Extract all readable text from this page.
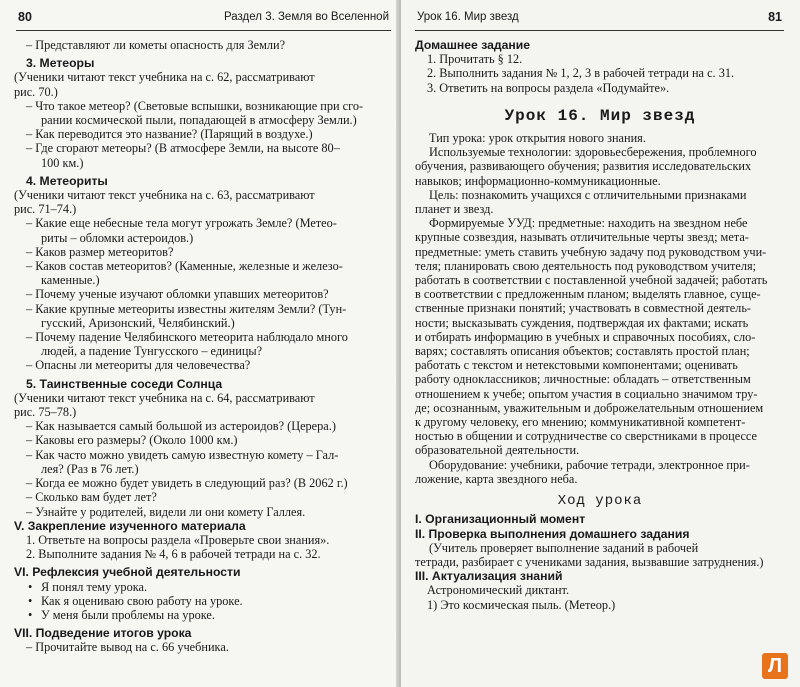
80	Раздел 3. Земля во Вселенной
– Представляют ли кометы опасность для Земли?
3. Метеоры
(Ученики читают текст учебника на с. 62, рассматривают
рис. 70.)
– Что такое метеор? (Световые вспышки, возникающие при сго-
рании космической пыли, попадающей в атмосферу Земли.)
– Как переводится это название? (Парящий в воздухе.)
– Где сгорают метеоры? (В атмосфере Земли, на высоте 80–
100 км.)
4. Метеориты
(Ученики читают текст учебника на с. 63, рассматривают
рис. 71–74.)
– Какие еще небесные тела могут угрожать Земле? (Метео-
риты – обломки астероидов.)
– Каков размер метеоритов?
– Каков состав метеоритов? (Каменные, железные и железо-
каменные.)
– Почему ученые изучают обломки упавших метеоритов?
– Какие крупные метеориты известны жителям Земли? (Тун-
гусский, Аризонский, Челябинский.)
– Почему падение Челябинского метеорита наблюдало много
людей, а падение Тунгусского – единицы?
– Опасны ли метеориты для человечества?
5. Таинственные соседи Солнца
(Ученики читают текст учебника на с. 64, рассматривают
рис. 75–78.)
– Как называется самый большой из астероидов? (Церера.)
– Каковы его размеры? (Около 1000 км.)
– Как часто можно увидеть самую известную комету – Гал-
лея? (Раз в 76 лет.)
– Когда ее можно будет увидеть в следующий раз? (В 2062 г.)
– Сколько вам будет лет?
– Узнайте у родителей, видели ли они комету Галлея.
V. Закрепление изученного материала
1. Ответьте на вопросы раздела «Проверьте свои знания».
2. Выполните задания № 4, 6 в рабочей тетради на с. 32.
VI. Рефлексия учебной деятельности
• Я понял тему урока.
• Как я оцениваю свою работу на уроке.
• У меня были проблемы на уроке.
VII. Подведение итогов урока
– Прочитайте вывод на с. 66 учебника.
Урок 16. Мир звезд	81
Домашнее задание
1. Прочитать § 12.
2. Выполнить задания № 1, 2, 3 в рабочей тетради на с. 31.
3. Ответить на вопросы раздела «Подумайте».
Урок 16. Мир звезд
Тип урока: урок открытия нового знания.
Используемые технологии: здоровьесбережения, проблемного
обучения, развивающего обучения; развития исследовательских
навыков; информационно-коммуникационные.
Цель: познакомить учащихся с отличительными признаками
планет и звезд.
Формируемые УУД: предметные: находить на звездном небе
крупные созвездия, называть отличительные черты звезд; мета-
предметные: уметь ставить учебную задачу под руководством учи-
теля; планировать свою деятельность под руководством учителя;
работать в соответствии с поставленной учебной задачей; работать
в соответствии с предложенным планом; выделять главное, суще-
ственные признаки понятий; участвовать в совместной деятель-
ности; высказывать суждения, подтверждая их фактами; искать
и отбирать информацию в учебных и справочных пособиях, сло-
варях; составлять описания объектов; составлять простой план;
работать с текстом и нетекстовыми компонентами; оценивать
работу одноклассников; личностные: обладать – ответственным
отношением к учебе; опытом участия в социально значимом тру-
де; осознанным, уважительным и доброжелательным отношением
к другому человеку, его мнению; коммуникативной компетент-
ностью в общении и сотрудничестве со сверстниками в процессе
образовательной деятельности.
Оборудование: учебники, рабочие тетради, электронное при-
ложение, карта звездного неба.
Ход урока
I. Организационный момент
II. Проверка выполнения домашнего задания
(Учитель проверяет выполнение заданий в рабочей
тетради, разбирает с учениками задания, вызвавшие затруднения.)
III. Актуализация знаний
Астрономический диктант.
1) Это космическая пыль. (Метеор.)
Л
